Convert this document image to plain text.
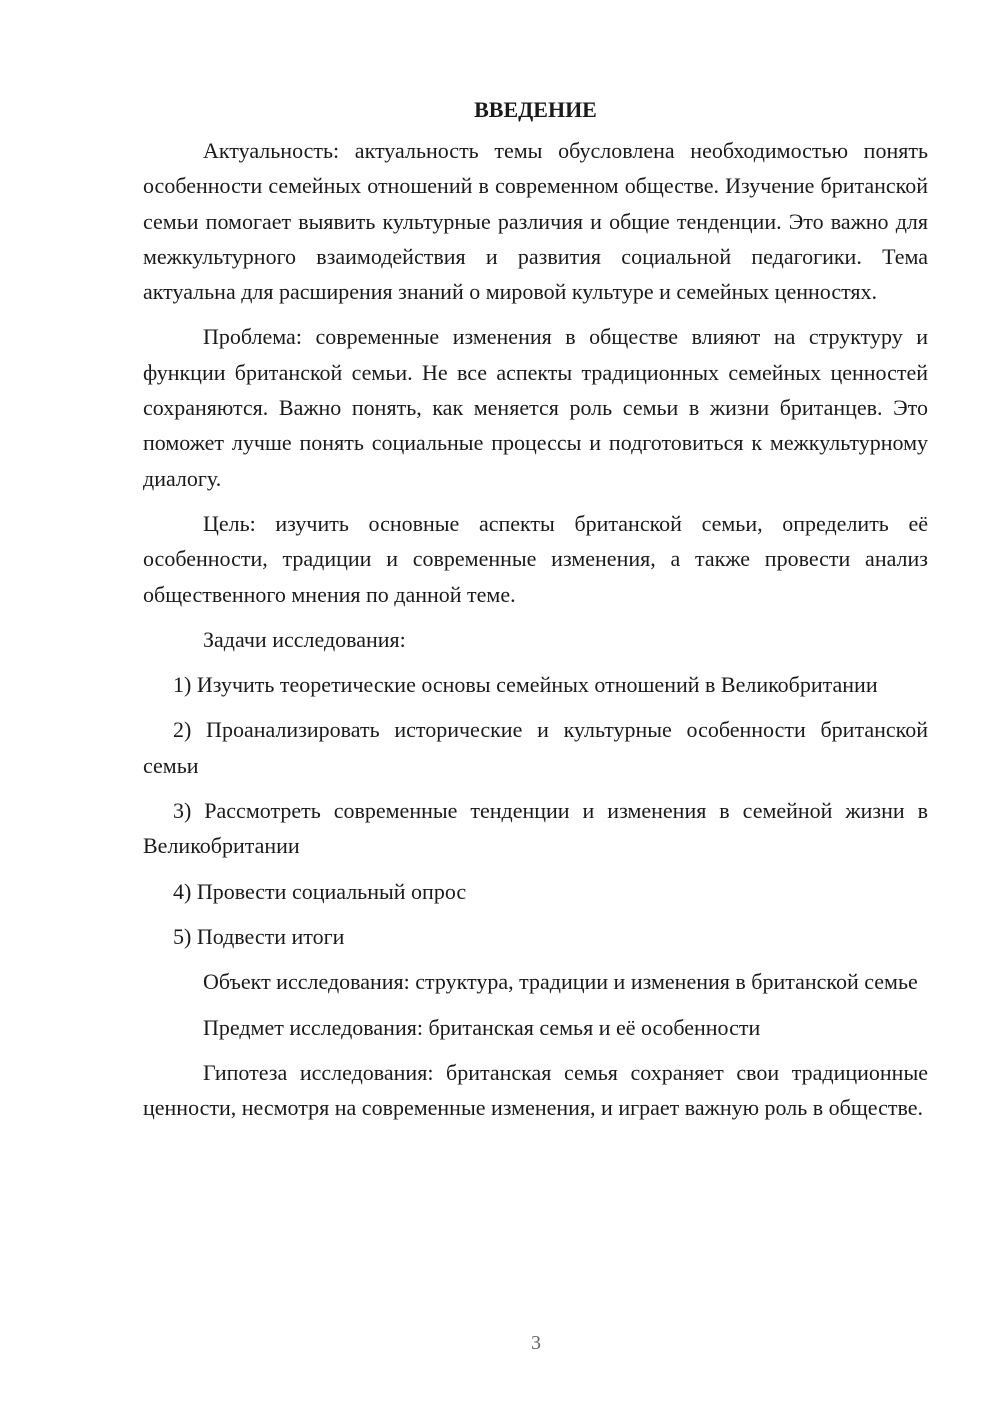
ВВЕДЕНИЕ

Актуальность: актуальность темы обусловлена необходимостью понять особенности семейных отношений в современном обществе. Изучение британской семьи помогает выявить культурные различия и общие тенденции. Это важно для межкультурного взаимодействия и развития социальной педагогики. Тема актуальна для расширения знаний о мировой культуре и семейных ценностях.

Проблема: современные изменения в обществе влияют на структуру и функции британской семьи. Не все аспекты традиционных семейных ценностей сохраняются. Важно понять, как меняется роль семьи в жизни британцев. Это поможет лучше понять социальные процессы и подготовиться к межкультурному диалогу.

Цель: изучить основные аспекты британской семьи, определить её особенности, традиции и современные изменения, а также провести анализ общественного мнения по данной теме.

Задачи исследования:

1) Изучить теоретические основы семейных отношений в Великобритании

2) Проанализировать исторические и культурные особенности британской семьи

3) Рассмотреть современные тенденции и изменения в семейной жизни в Великобритании

4) Провести социальный опрос

5) Подвести итоги

Объект исследования: структура, традиции и изменения в британской семье

Предмет исследования: британская семья и её особенности

Гипотеза исследования: британская семья сохраняет свои традиционные ценности, несмотря на современные изменения, и играет важную роль в обществе.

3
